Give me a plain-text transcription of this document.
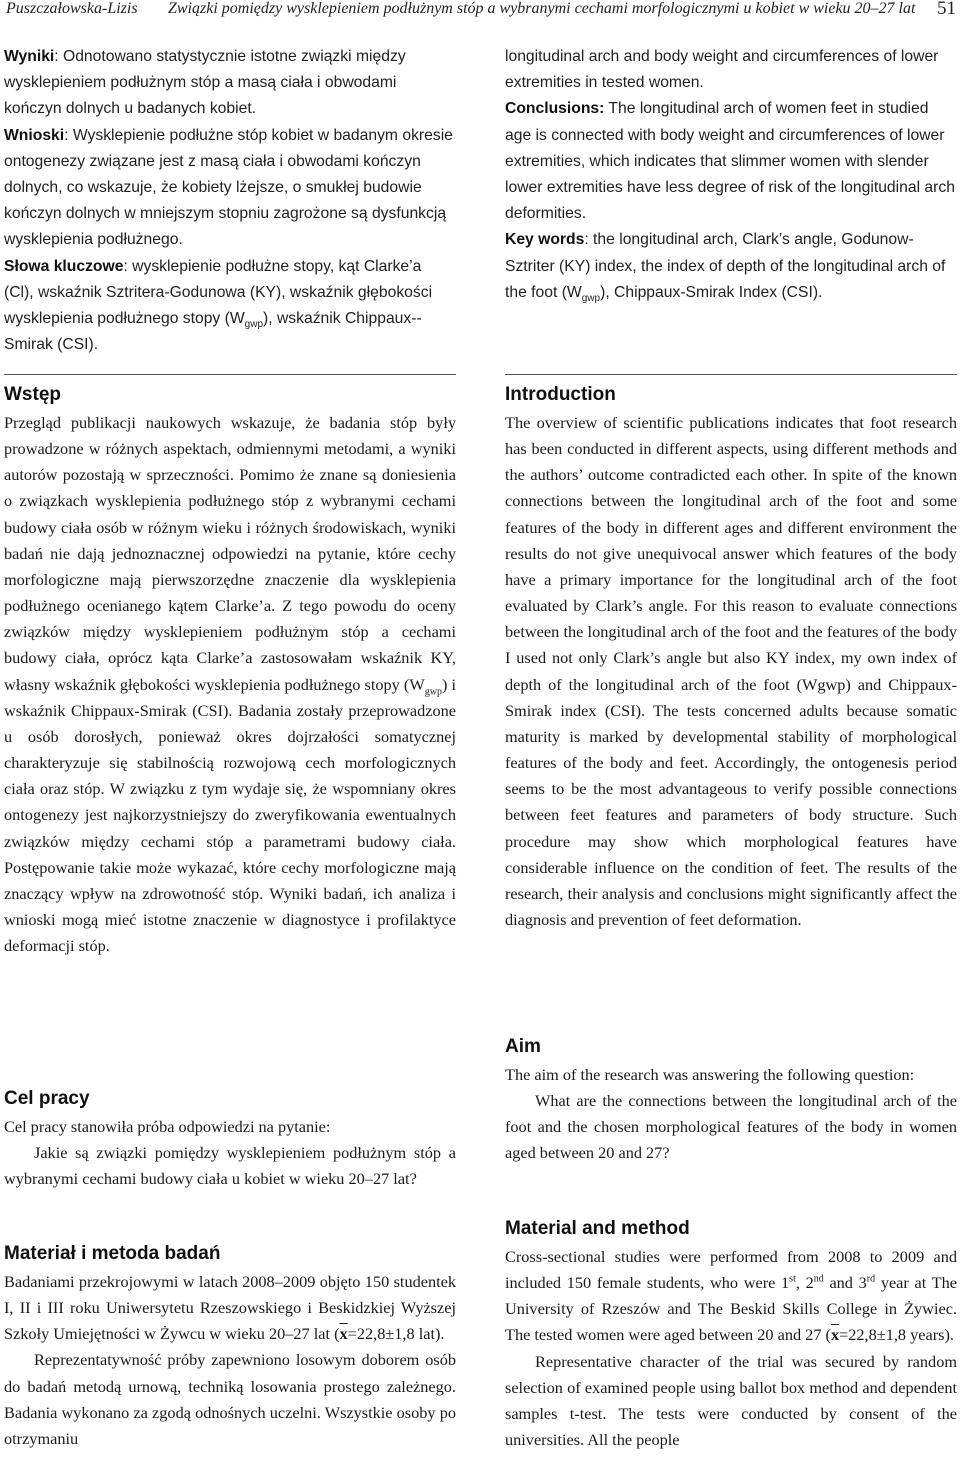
Puszczałowska-Lizis Związki pomiędzy wysklepieniem podłużnym stóp a wybranymi cechami morfologicznymi u kobiet w wieku 20–27 lat 51

Wyniki: Odnotowano statystycznie istotne związki między wysklepieniem podłużnym stóp a masą ciała i obwodami kończyn dolnych u badanych kobiet.

Wnioski: Wysklepienie podłużne stóp kobiet w badanym okresie ontogenezy związane jest z masą ciała i obwodami kończyn dolnych, co wskazuje, że kobiety lżejsze, o smukłej budowie kończyn dolnych w mniejszym stopniu zagrożone są dysfunkcją wysklepienia podłużnego.

Słowa kluczowe: wysklepienie podłużne stopy, kąt Clarke’a (Cl), wskaźnik Sztritera-Godunowa (KY), wskaźnik głębokości wysklepienia podłużnego stopy $(W_{gwp})$, wskaźnik Chippaux--Smirak (CSI).

longitudinal arch and body weight and circumferences of lower extremities in tested women.

Conclusions: The longitudinal arch of women feet in studied age is connected with body weight and circumferences of lower extremities, which indicates that slimmer women with slender lower extremities have less degree of risk of the longitudinal arch deformities.

Key words: the longitudinal arch, Clark’s angle, Godunow-Sztriter (KY) index, the index of depth of the longitudinal arch of the foot $(W_{gwp})$, Chippaux-Smirak Index (CSI).

Wstęp

Przegląd publikacji naukowych wskazuje, że badania stóp były prowadzone w różnych aspektach, odmiennymi metodami, a wyniki autorów pozostają w sprzeczności. Pomimo że znane są doniesienia o związkach wysklepienia podłużnego stóp z wybranymi cechami budowy ciała osób w różnym wieku i różnych środowiskach, wyniki badań nie dają jednoznacznej odpowiedzi na pytanie, które cechy morfologiczne mają pierwszorzędne znaczenie dla wysklepienia podłużnego ocenianego kątem Clarke’a. Z tego powodu do oceny związków między wysklepieniem podłużnym stóp a cechami budowy ciała, oprócz kąta Clarke’a zastosowałam wskaźnik KY, własny wskaźnik głębokości wysklepienia podłużnego stopy $(W_{gwp})$ i wskaźnik Chippaux-Smirak (CSI). Badania zostały przeprowadzone u osób dorosłych, ponieważ okres dojrzałości somatycznej charakteryzuje się stabilnością rozwojową cech morfologicznych ciała oraz stóp. W związku z tym wydaje się, że wspomniany okres ontogenezy jest najkorzystniejszy do zweryfikowania ewentualnych związków między cechami stóp a parametrami budowy ciała. Postępowanie takie może wykazać, które cechy morfologiczne mają znaczący wpływ na zdrowotność stóp. Wyniki badań, ich analiza i wnioski mogą mieć istotne znaczenie w diagnostyce i profilaktyce deformacji stóp.

Cel pracy

Cel pracy stanowiła próba odpowiedzi na pytanie:

Jakie są związki pomiędzy wysklepieniem podłużnym stóp a wybranymi cechami budowy ciała u kobiet w wieku 20–27 lat?

Materiał i metoda badań

Badaniami przekrojowymi w latach 2008–2009 objęto 150 studentek I, II i III roku Uniwersytetu Rzeszowskiego i Beskidzkiej Wyższej Szkoły Umiejętności w Żywcu w wieku 20–27 lat ($\overline{x}=22,8\pm 1,8$ lat).

Reprezentatywność próby zapewniono losowym doborem osób do badań metodą urnową, techniką losowania prostego zależnego. Badania wykonano za zgodą odnośnych uczelni. Wszystkie osoby po otrzymaniu

Introduction

The overview of scientific publications indicates that foot research has been conducted in different aspects, using different methods and the authors’ outcome contradicted each other. In spite of the known connections between the longitudinal arch of the foot and some features of the body in different ages and different environment the results do not give unequivocal answer which features of the body have a primary importance for the longitudinal arch of the foot evaluated by Clark’s angle. For this reason to evaluate connections between the longitudinal arch of the foot and the features of the body I used not only Clark’s angle but also KY index, my own index of depth of the longitudinal arch of the foot (Wgwp) and Chippaux-Smirak index (CSI). The tests concerned adults because somatic maturity is marked by developmental stability of morphological features of the body and feet. Accordingly, the ontogenesis period seems to be the most advantageous to verify possible connections between feet features and parameters of body structure. Such procedure may show which morphological features have considerable influence on the condition of feet. The results of the research, their analysis and conclusions might significantly affect the diagnosis and prevention of feet deformation.

Aim

The aim of the research was answering the following question:

What are the connections between the longitudinal arch of the foot and the chosen morphological features of the body in women aged between 20 and 27?

Material and method

Cross-sectional studies were performed from 2008 to 2009 and included 150 female students, who were 1st, 2nd and 3rd year at The University of Rzeszów and The Beskid Skills College in Żywiec. The tested women were aged between 20 and 27 ($\overline{x}=22,8\pm 1,8$ years).

Representative character of the trial was secured by random selection of examined people using ballot box method and dependent samples t-test. The tests were conducted by consent of the universities. All the people
